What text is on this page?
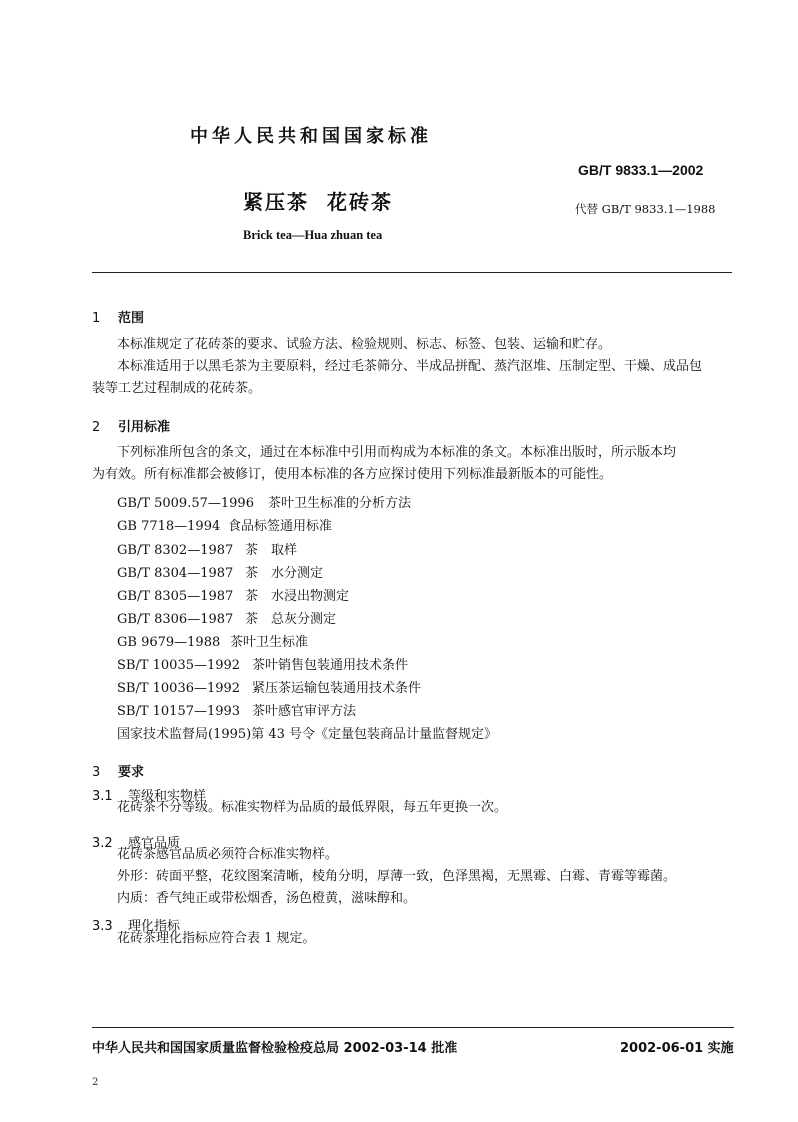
中华人民共和国国家标准
GB/T 9833.1—2002
紧压茶 花砖茶	代替 GB/T 9833.1—1988
Brick tea—Hua zhuan tea
1 范围
本标准规定了花砖茶的要求、试验方法、检验规则、标志、标签、包装、运输和贮存。
本标准适用于以黑毛茶为主要原料，经过毛茶筛分、半成品拼配、蒸汽沤堆、压制定型、干燥、成品包
装等工艺过程制成的花砖茶。
2 引用标准
下列标准所包含的条文，通过在本标准中引用而构成为本标准的条文。本标准出版时，所示版本均
为有效。所有标准都会被修订，使用本标准的各方应探讨使用下列标准最新版本的可能性。
GB/T 5009.57—1996 茶叶卫生标准的分析方法
GB 7718—1994 食品标签通用标准
GB/T 8302—1987 茶　取样
GB/T 8304—1987 茶　水分测定
GB/T 8305—1987 茶　水浸出物测定
GB/T 8306—1987 茶　总灰分测定
GB 9679—1988 茶叶卫生标准
SB/T 10035—1992 茶叶销售包装通用技术条件
SB/T 10036—1992 紧压茶运输包装通用技术条件
SB/T 10157—1993 茶叶感官审评方法
国家技术监督局(1995)第 43 号令《定量包装商品计量监督规定》
3 要求
3.1 等级和实物样
花砖茶不分等级。标准实物样为品质的最低界限，每五年更换一次。
3.2 感官品质
花砖茶感官品质必须符合标准实物样。
外形：砖面平整，花纹图案清晰，棱角分明，厚薄一致，色泽黑褐，无黑霉、白霉、青霉等霉菌。
内质：香气纯正或带松烟香，汤色橙黄，滋味醇和。
3.3 理化指标
花砖茶理化指标应符合表 1 规定。
中华人民共和国国家质量监督检验检疫总局 2002-03-14 批准	2002-06-01 实施
2
